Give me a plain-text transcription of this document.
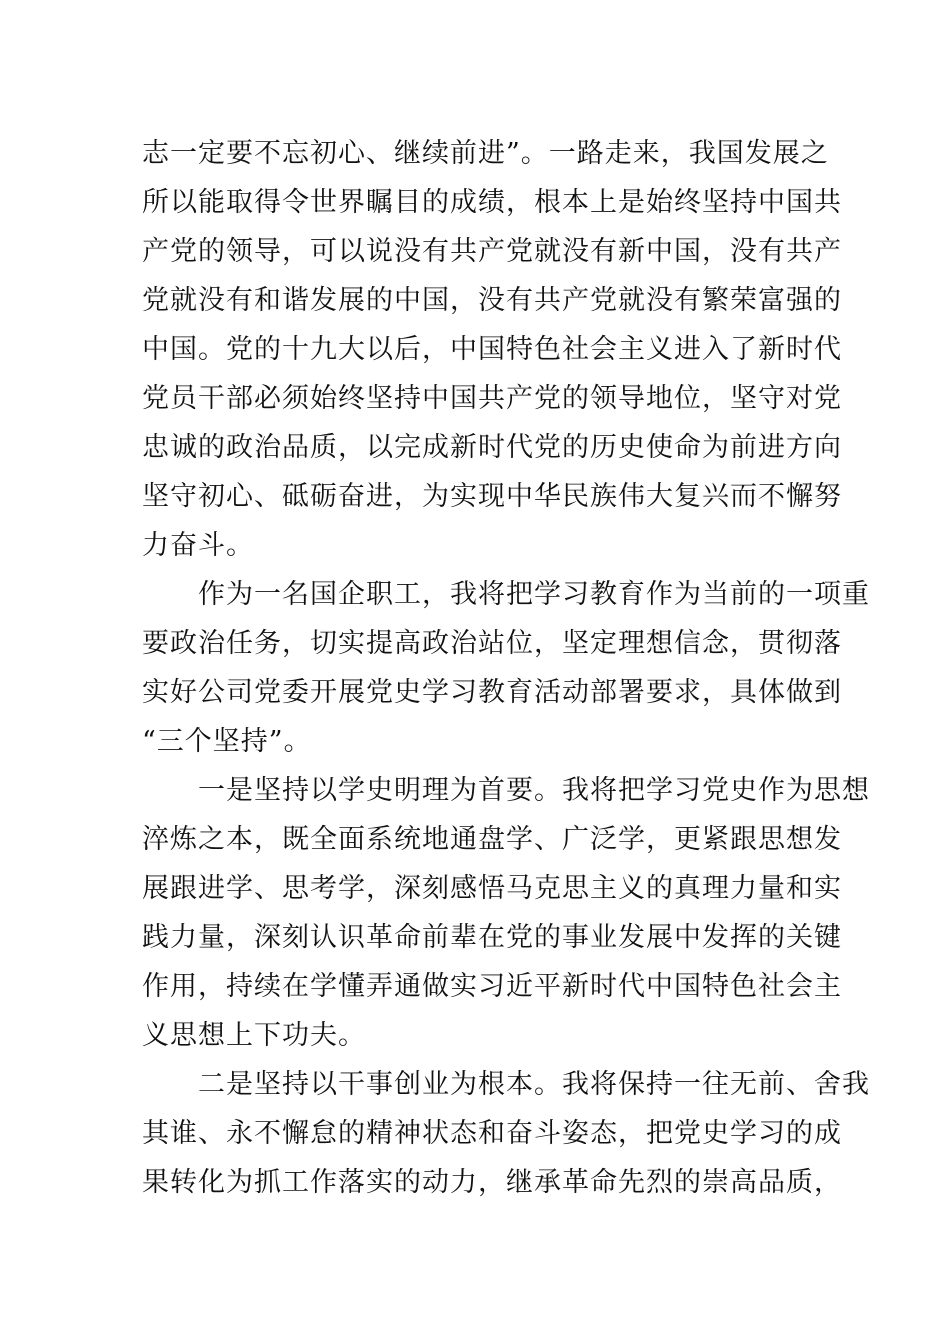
志一定要不忘初心、继续前进”。一路走来，我国发展之

所以能取得令世界瞩目的成绩，根本上是始终坚持中国共

产党的领导，可以说没有共产党就没有新中国，没有共产

党就没有和谐发展的中国，没有共产党就没有繁荣富强的

中国。党的十九大以后，中国特色社会主义进入了新时代

党员干部必须始终坚持中国共产党的领导地位，坚守对党

忠诚的政治品质，以完成新时代党的历史使命为前进方向

坚守初心、砥砺奋进，为实现中华民族伟大复兴而不懈努

力奋斗。

　　作为一名国企职工，我将把学习教育作为当前的一项重

要政治任务，切实提高政治站位，坚定理想信念，贯彻落

实好公司党委开展党史学习教育活动部署要求，具体做到

“三个坚持”。

　　一是坚持以学史明理为首要。我将把学习党史作为思想

淬炼之本，既全面系统地通盘学、广泛学，更紧跟思想发

展跟进学、思考学，深刻感悟马克思主义的真理力量和实

践力量，深刻认识革命前辈在党的事业发展中发挥的关键

作用，持续在学懂弄通做实习近平新时代中国特色社会主

义思想上下功夫。

　　二是坚持以干事创业为根本。我将保持一往无前、舍我

其谁、永不懈怠的精神状态和奋斗姿态，把党史学习的成

果转化为抓工作落实的动力，继承革命先烈的崇高品质，
